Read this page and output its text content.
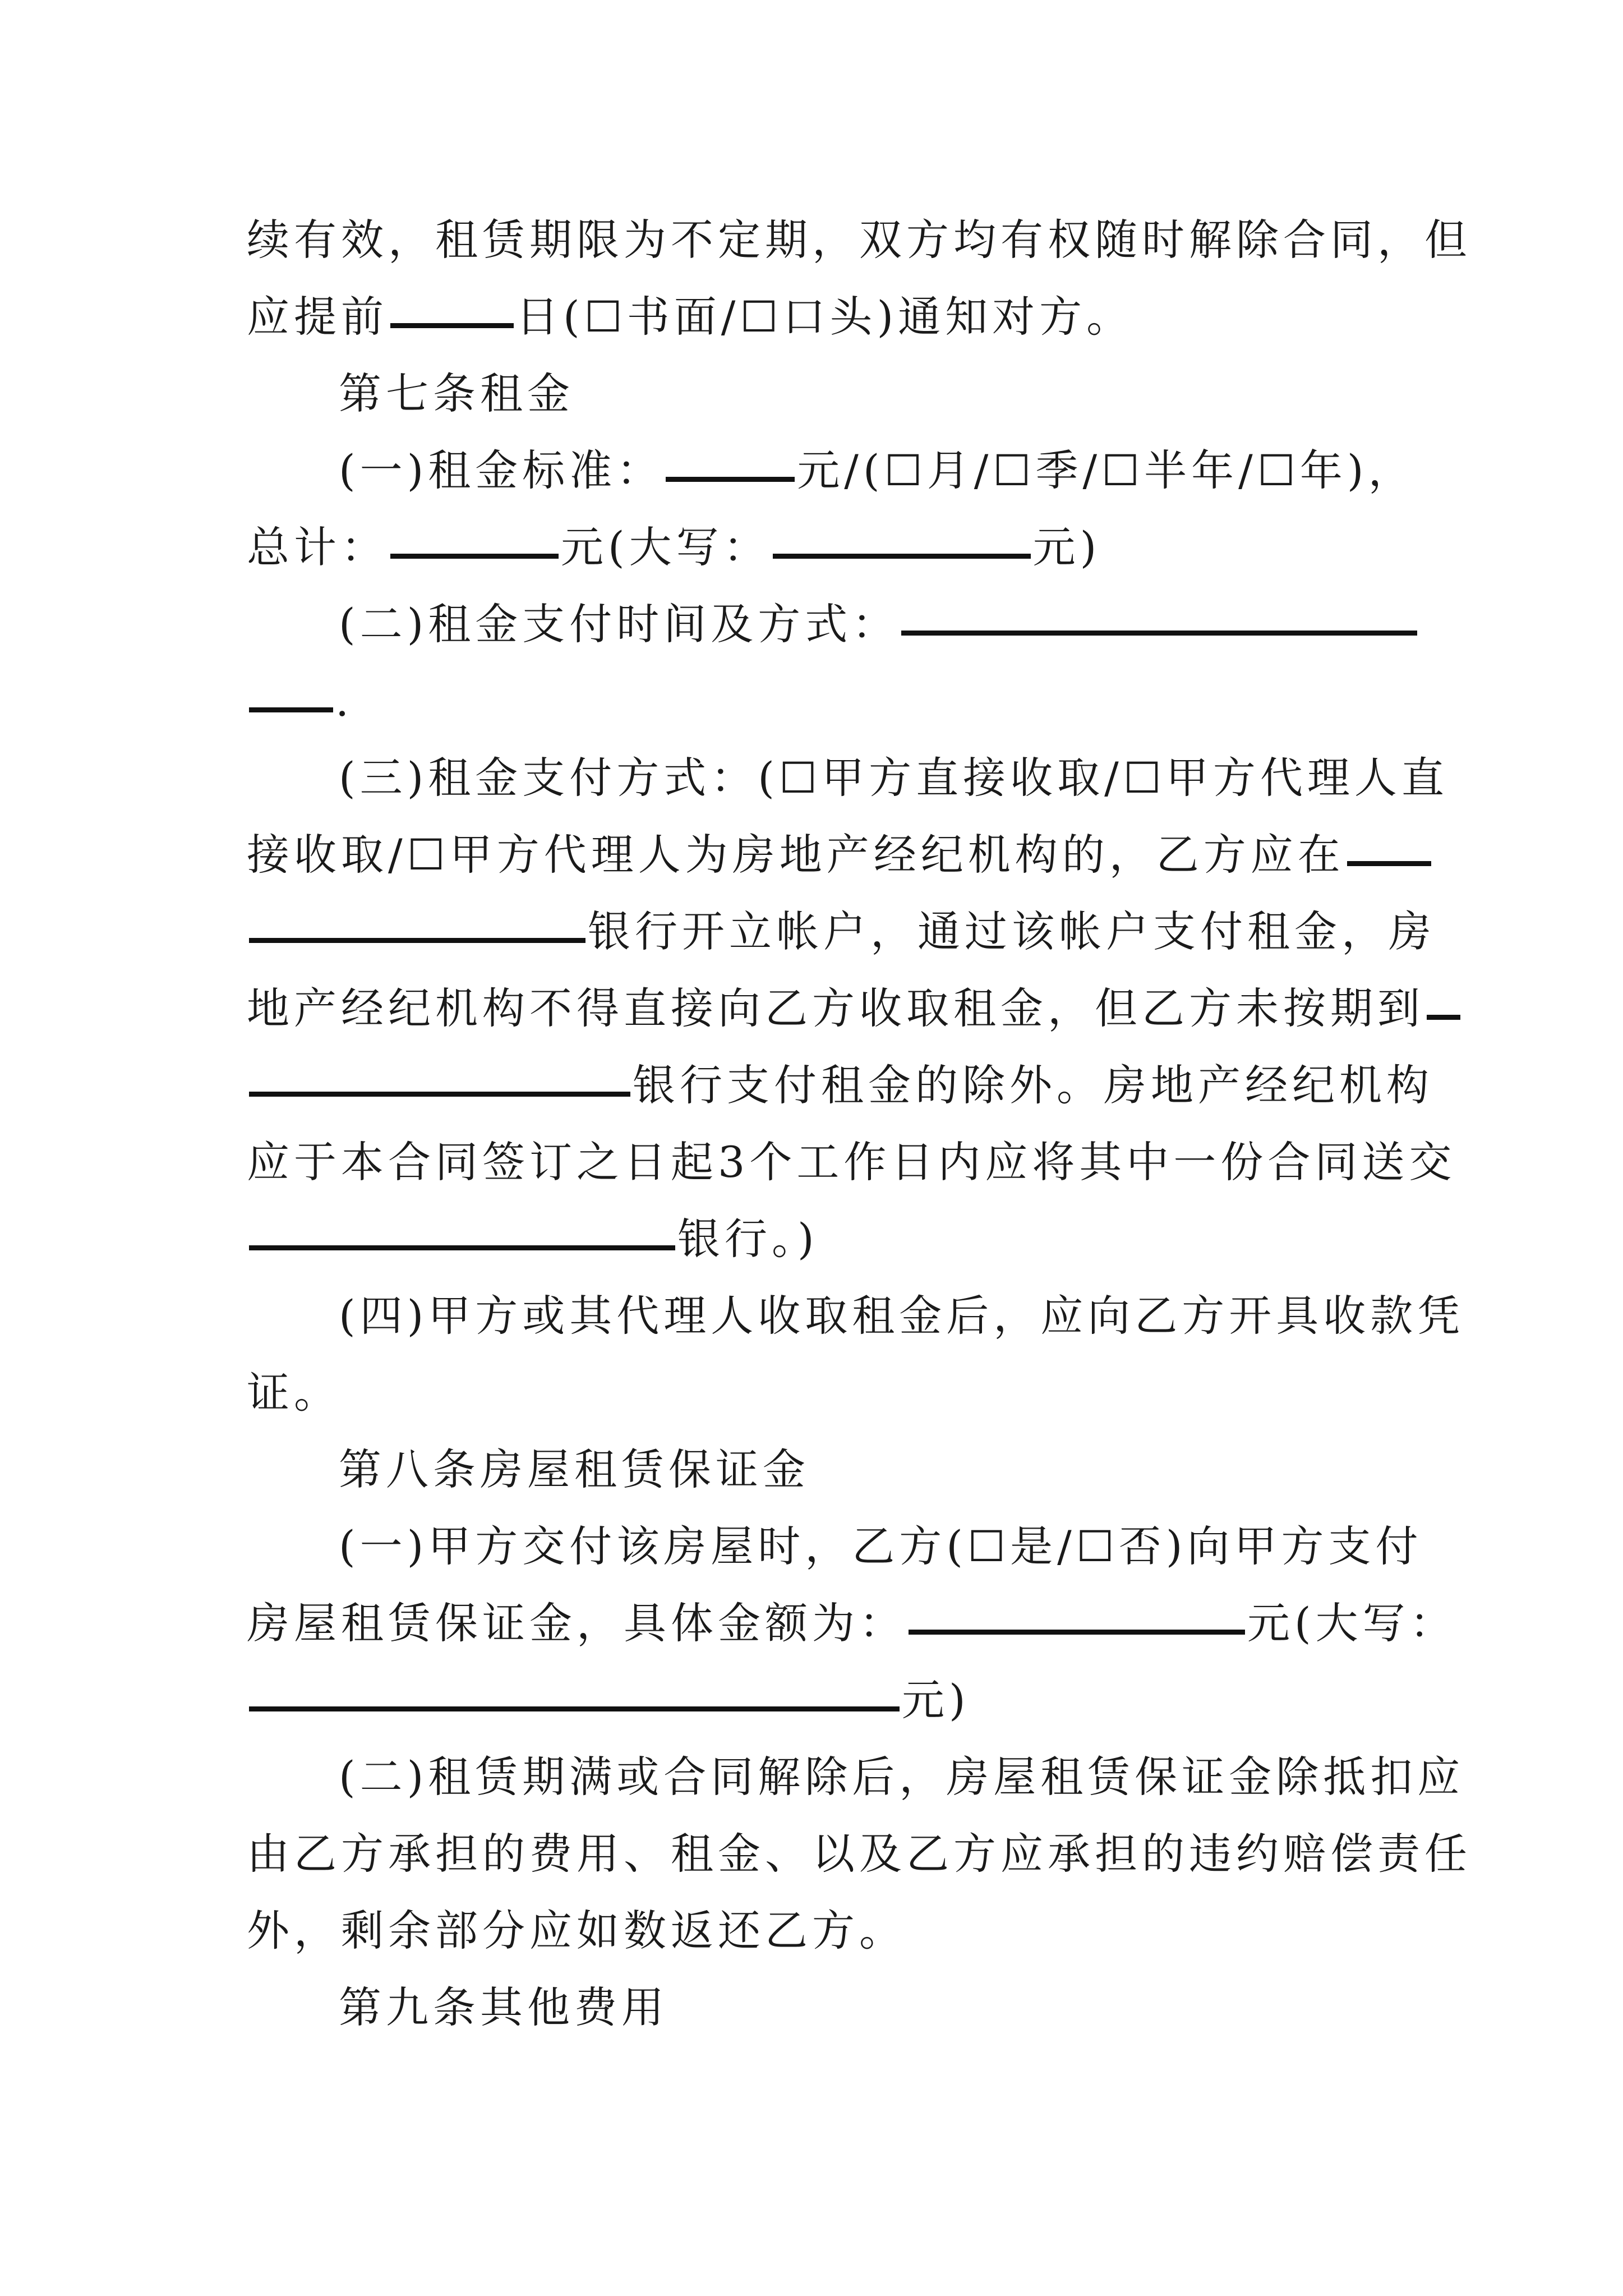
续有效，租赁期限为不定期，双方均有权随时解除合同，但
应提前	日(☐书面/☐口头)通知对方。
第七条租金
(一)租金标准：	元/(☐月/☐季/☐半年/☐年)，
总计：	元(大写：	元)
(二)租金支付时间及方式：
.
(三)租金支付方式：(☐甲方直接收取/☐甲方代理人直
接收取/☐甲方代理人为房地产经纪机构的，乙方应在
银行开立帐户，通过该帐户支付租金，房
地产经纪机构不得直接向乙方收取租金，但乙方未按期到
银行支付租金的除外。房地产经纪机构
应于本合同签订之日起3个工作日内应将其中一份合同送交
银行。)
(四)甲方或其代理人收取租金后，应向乙方开具收款凭
证。
第八条房屋租赁保证金
(一)甲方交付该房屋时，乙方(☐是/☐否)向甲方支付
房屋租赁保证金，具体金额为：	元(大写：
元)
(二)租赁期满或合同解除后，房屋租赁保证金除抵扣应
由乙方承担的费用、租金、以及乙方应承担的违约赔偿责任
外，剩余部分应如数返还乙方。
第九条其他费用
